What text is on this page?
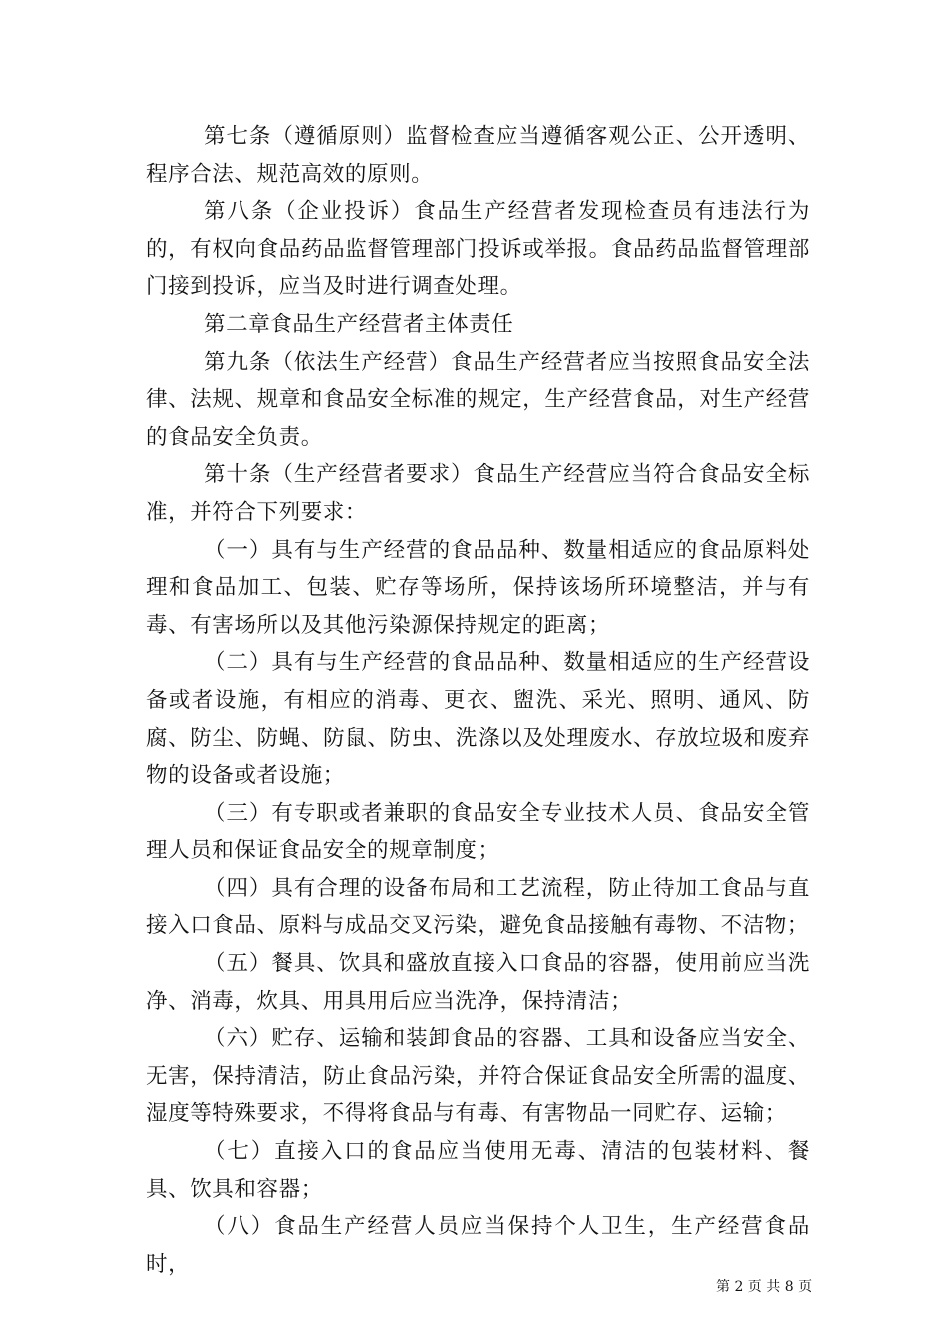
第七条（遵循原则）监督检查应当遵循客观公正、公开透明、程序合法、规范高效的原则。

第八条（企业投诉）食品生产经营者发现检查员有违法行为的，有权向食品药品监督管理部门投诉或举报。食品药品监督管理部门接到投诉，应当及时进行调查处理。

第二章食品生产经营者主体责任

第九条（依法生产经营）食品生产经营者应当按照食品安全法律、法规、规章和食品安全标准的规定，生产经营食品，对生产经营的食品安全负责。

第十条（生产经营者要求）食品生产经营应当符合食品安全标准，并符合下列要求：

（一）具有与生产经营的食品品种、数量相适应的食品原料处理和食品加工、包装、贮存等场所，保持该场所环境整洁，并与有毒、有害场所以及其他污染源保持规定的距离；

（二）具有与生产经营的食品品种、数量相适应的生产经营设备或者设施，有相应的消毒、更衣、盥洗、采光、照明、通风、防腐、防尘、防蝇、防鼠、防虫、洗涤以及处理废水、存放垃圾和废弃物的设备或者设施；

（三）有专职或者兼职的食品安全专业技术人员、食品安全管理人员和保证食品安全的规章制度；

（四）具有合理的设备布局和工艺流程，防止待加工食品与直接入口食品、原料与成品交叉污染，避免食品接触有毒物、不洁物；

（五）餐具、饮具和盛放直接入口食品的容器，使用前应当洗净、消毒，炊具、用具用后应当洗净，保持清洁；

（六）贮存、运输和装卸食品的容器、工具和设备应当安全、无害，保持清洁，防止食品污染，并符合保证食品安全所需的温度、湿度等特殊要求，不得将食品与有毒、有害物品一同贮存、运输；

（七）直接入口的食品应当使用无毒、清洁的包装材料、餐具、饮具和容器；

（八）食品生产经营人员应当保持个人卫生，生产经营食品时，

第 2 页 共 8 页
